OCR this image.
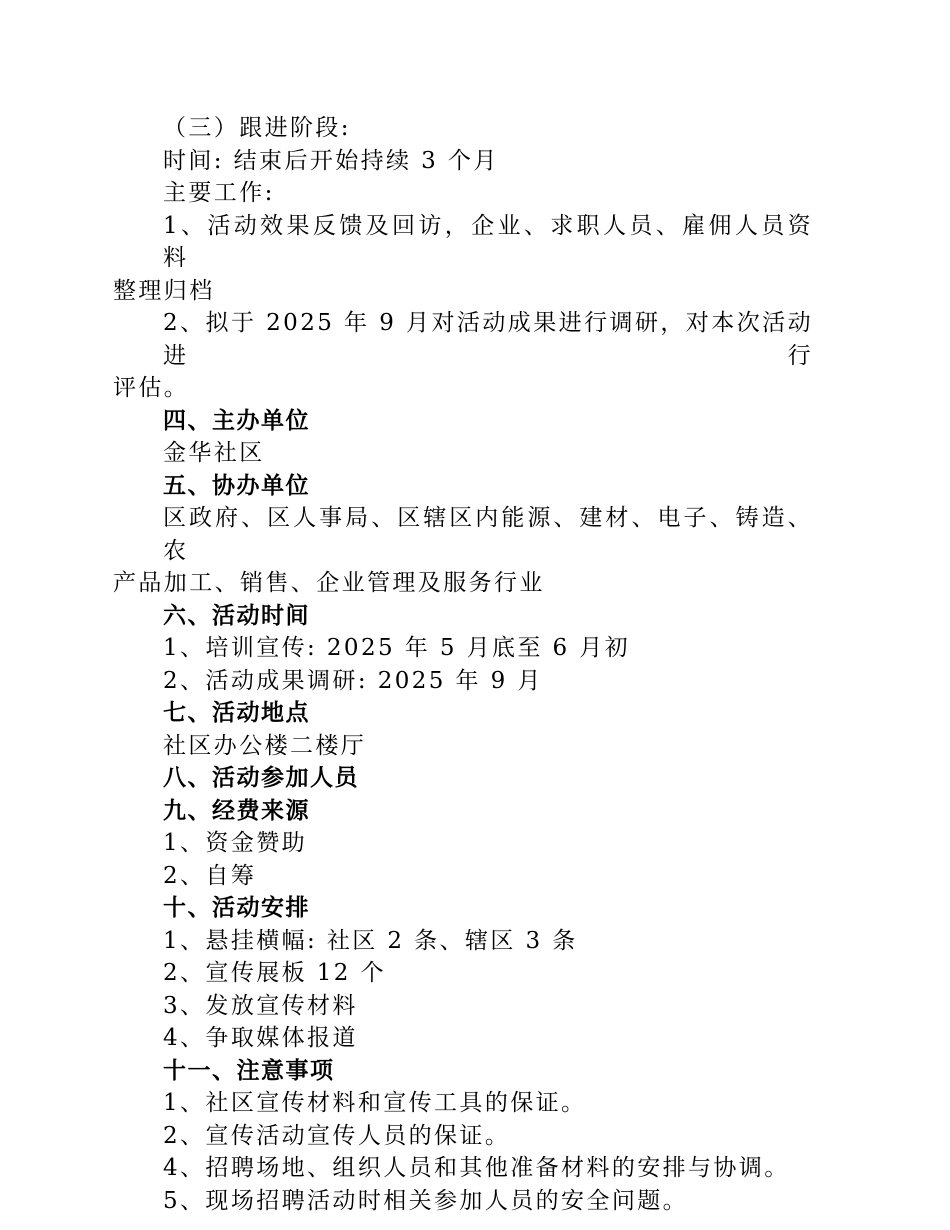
（三）跟进阶段:

时间: 结束后开始持续 3 个月

主要工作:

1、活动效果反馈及回访，企业、求职人员、雇佣人员资料

整理归档

2、拟于 2025 年 9 月对活动成果进行调研，对本次活动进行

评估。

四、主办单位

金华社区

五、协办单位

区政府、区人事局、区辖区内能源、建材、电子、铸造、农

产品加工、销售、企业管理及服务行业

六、活动时间

1、培训宣传: 2025 年 5 月底至 6 月初

2、活动成果调研: 2025 年 9 月

七、活动地点

社区办公楼二楼厅

八、活动参加人员

九、经费来源

1、资金赞助

2、自筹

十、活动安排

1、悬挂横幅: 社区 2 条、辖区 3 条

2、宣传展板 12 个

3、发放宣传材料

4、争取媒体报道

十一、注意事项

1、社区宣传材料和宣传工具的保证。

2、宣传活动宣传人员的保证。

4、招聘场地、组织人员和其他准备材料的安排与协调。

5、现场招聘活动时相关参加人员的安全问题。
